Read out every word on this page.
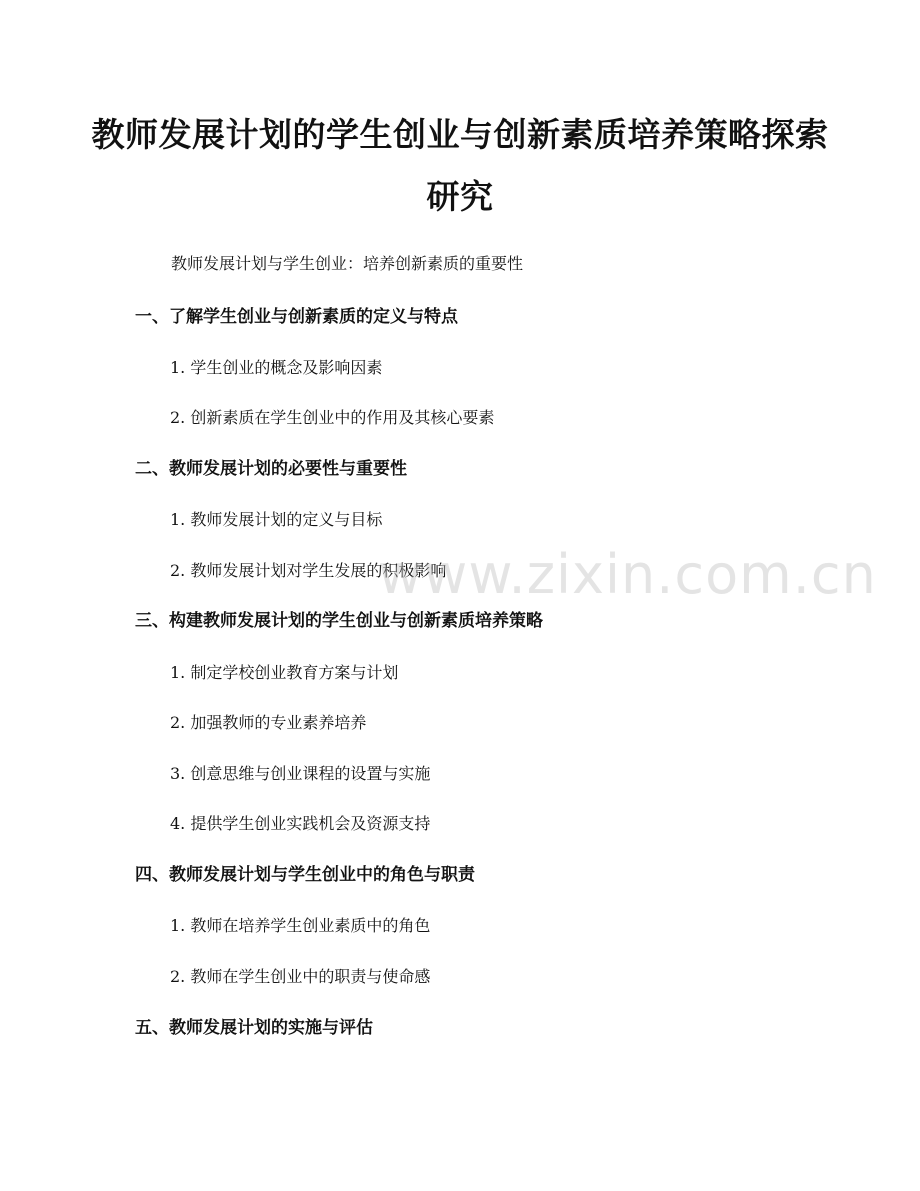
教师发展计划的学生创业与创新素质培养策略探索研究

教师发展计划与学生创业：培养创新素质的重要性

一、了解学生创业与创新素质的定义与特点

1. 学生创业的概念及影响因素

2. 创新素质在学生创业中的作用及其核心要素

二、教师发展计划的必要性与重要性

1. 教师发展计划的定义与目标

2. 教师发展计划对学生发展的积极影响

三、构建教师发展计划的学生创业与创新素质培养策略

1. 制定学校创业教育方案与计划

2. 加强教师的专业素养培养

3. 创意思维与创业课程的设置与实施

4. 提供学生创业实践机会及资源支持

四、教师发展计划与学生创业中的角色与职责

1. 教师在培养学生创业素质中的角色

2. 教师在学生创业中的职责与使命感

五、教师发展计划的实施与评估
www.zixin.com.cn
